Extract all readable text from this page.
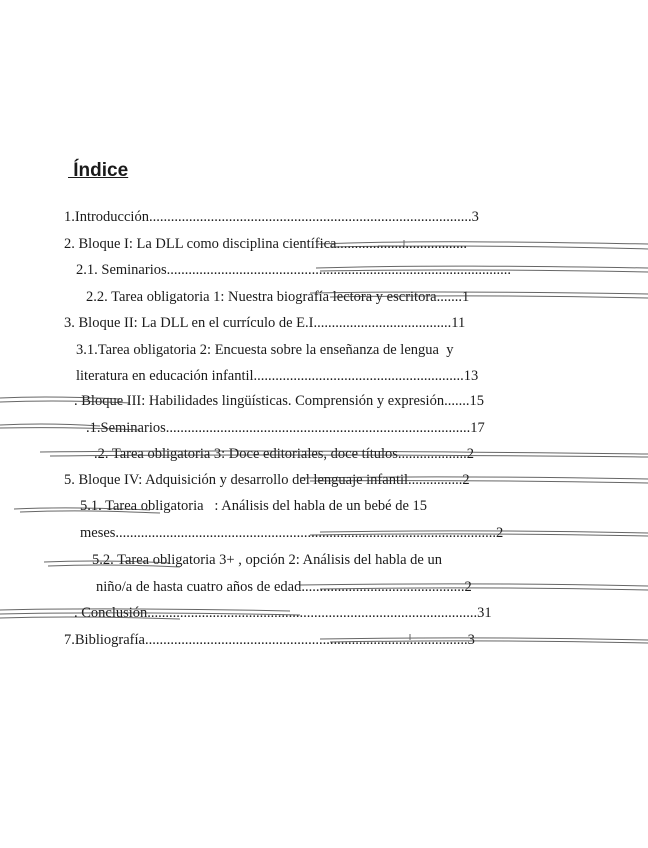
Índice
1.Introducción.........................................................................................3
2. Bloque I: La DLL como disciplina científica....................................
2.1. Seminarios...............................................................................................
2.2. Tarea obligatoria 1: Nuestra biografía lectora y escritora.......1
3. Bloque II: La DLL en el currículo de E.I......................................11
3.1.Tarea obligatoria 2: Encuesta sobre la enseñanza de lengua  y
literatura en educación infantil..........................................................13
. Bloque III: Habilidades lingüísticas. Comprensión y expresión.......15
.1.Seminarios....................................................................................17
.2. Tarea obligatoria 3: Doce editoriales, doce títulos...................2
5. Bloque IV: Adquisición y desarrollo del lenguaje infantil...............2
5.1. Tarea obligatoria   : Análisis del habla de un bebé de 15
meses.........................................................................................................2
5.2. Tarea obligatoria 3+ , opción 2: Análisis del habla de un
niño/a de hasta cuatro años de edad.............................................2
. Conclusión...........................................................................................31
7.Bibliografía.........................................................................................3
